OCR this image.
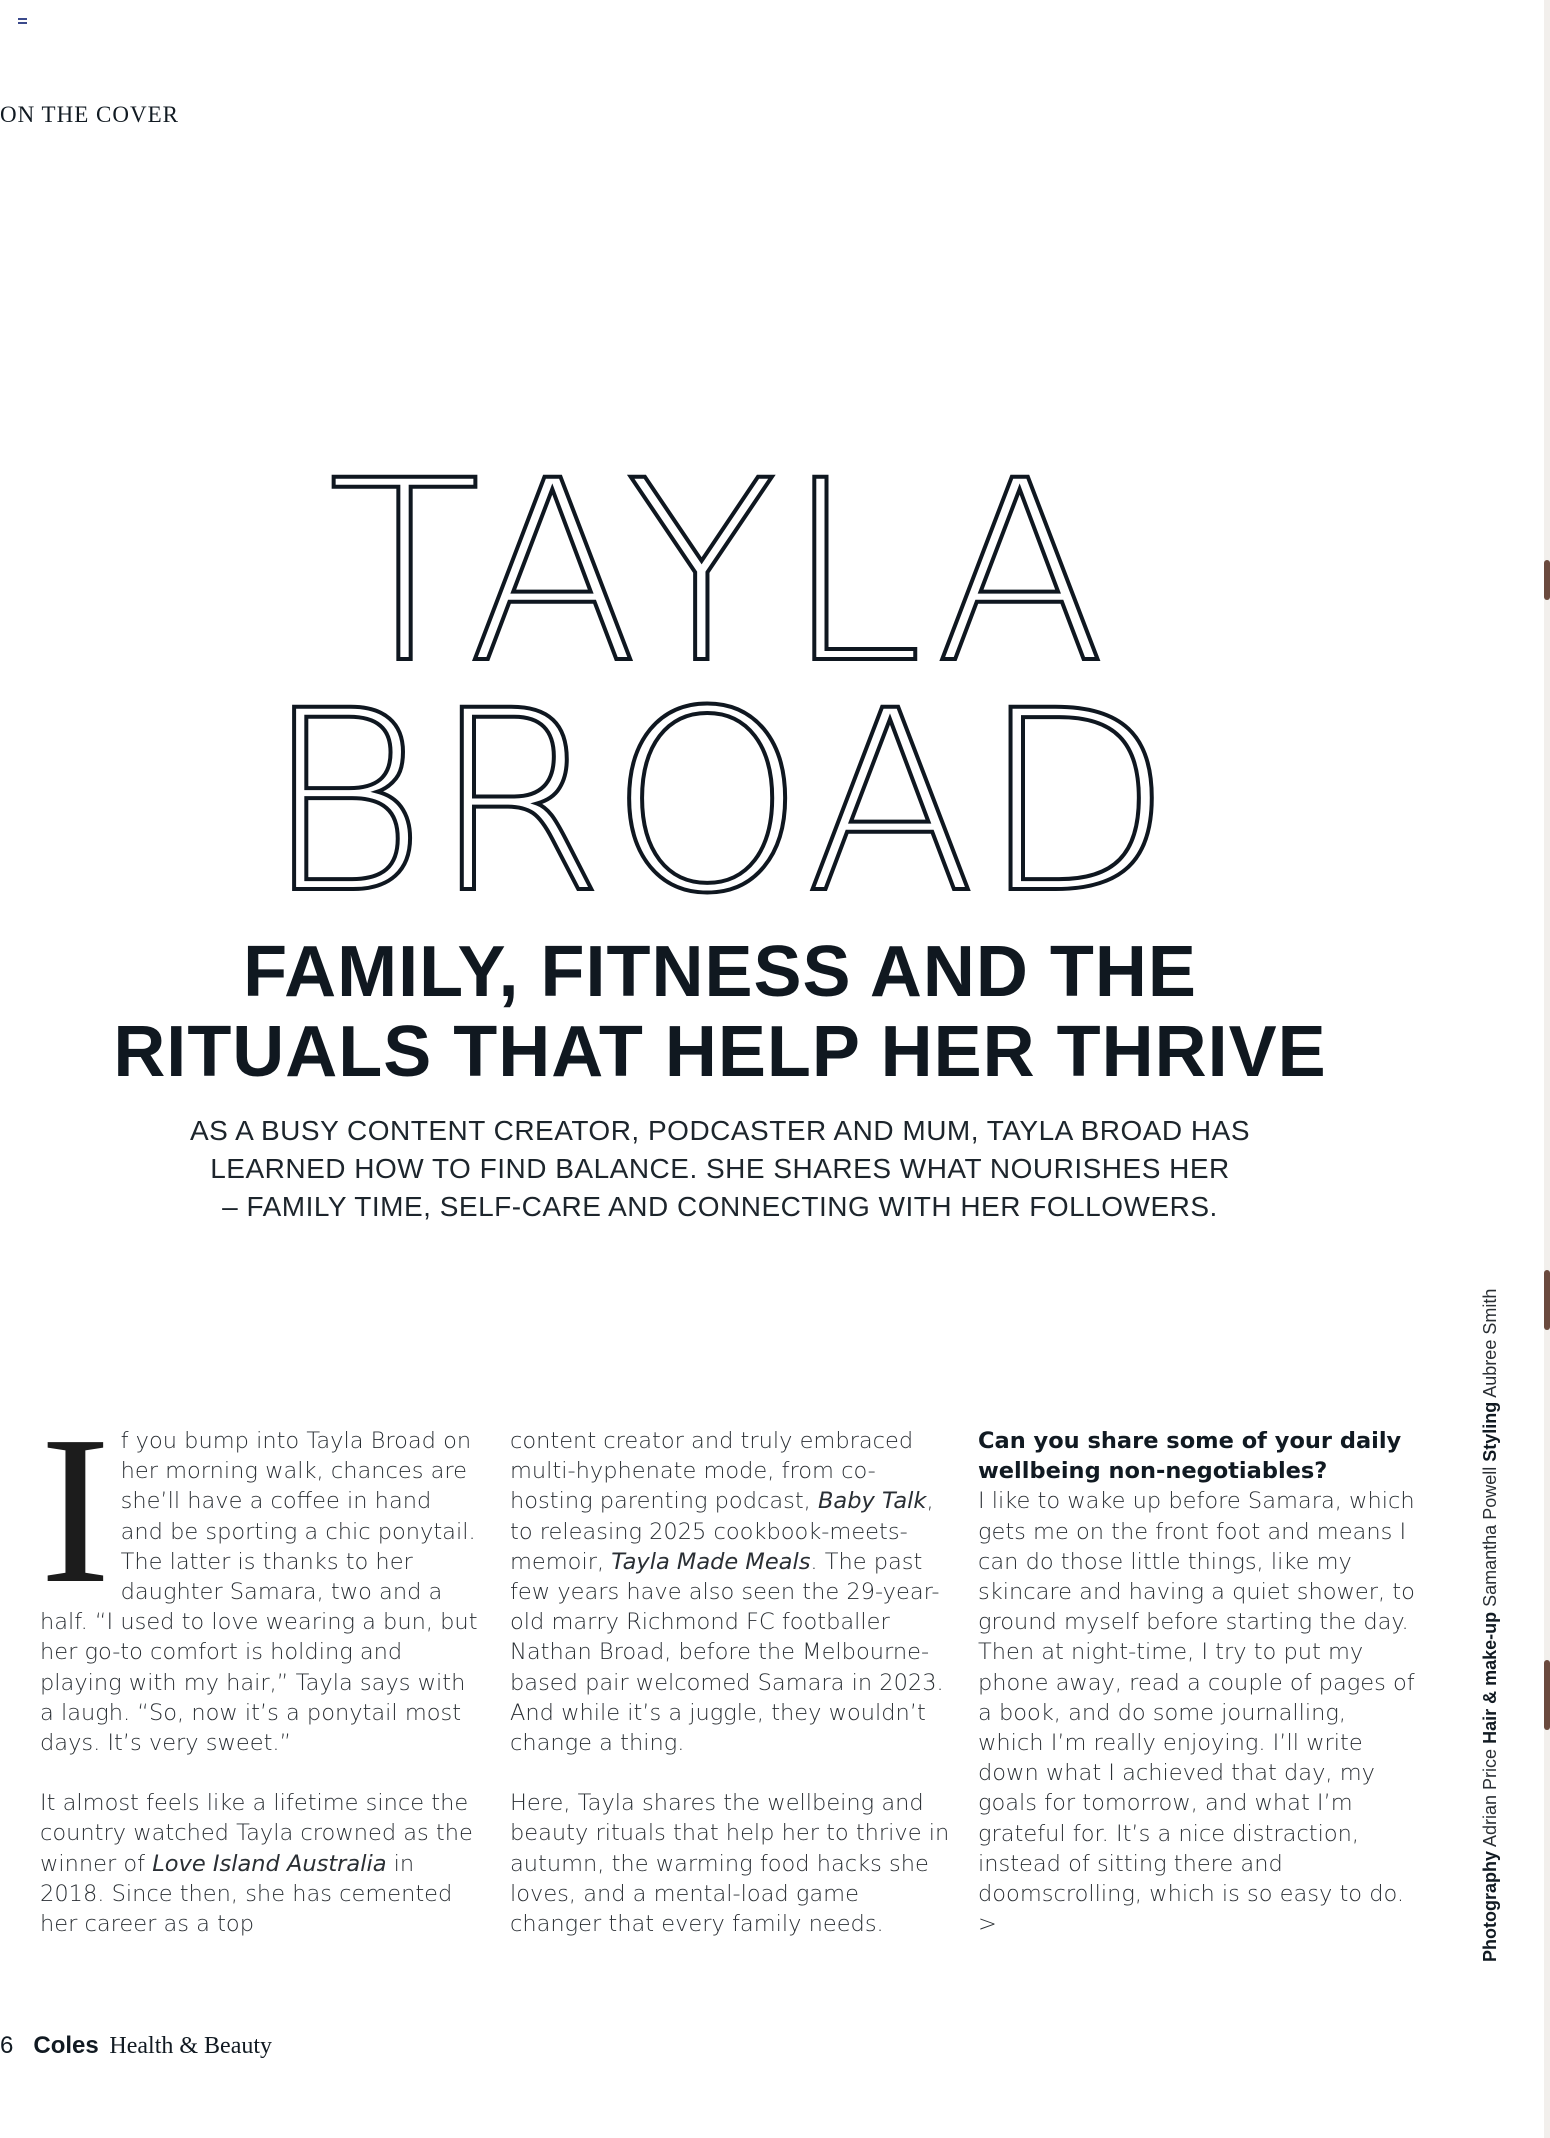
ON THE COVER
TAYLA
BROAD
FAMILY, FITNESS AND THE
RITUALS THAT HELP HER THRIVE
AS A BUSY CONTENT CREATOR, PODCASTER AND MUM, TAYLA BROAD HAS
LEARNED HOW TO FIND BALANCE. SHE SHARES WHAT NOURISHES HER
– FAMILY TIME, SELF-CARE AND CONNECTING WITH HER FOLLOWERS.
I f you bump into Tayla Broad on her morning walk, chances are she’ll have a coffee in hand and be sporting a chic ponytail. The latter is thanks to her daughter Samara, two and a half. “I used to love wearing a bun, but her go-to comfort is holding and playing with my hair,” Tayla says with a laugh. “So, now it’s a ponytail most days. It’s very sweet.”

It almost feels like a lifetime since the country watched Tayla crowned as the winner of Love Island Australia in 2018. Since then, she has cemented her career as a top

content creator and truly embraced multi-hyphenate mode, from co-hosting parenting podcast, Baby Talk, to releasing 2025 cookbook-meets-memoir, Tayla Made Meals. The past few years have also seen the 29-year-old marry Richmond FC footballer Nathan Broad, before the Melbourne-based pair welcomed Samara in 2023. And while it’s a juggle, they wouldn’t change a thing.

Here, Tayla shares the wellbeing and beauty rituals that help her to thrive in autumn, the warming food hacks she loves, and a mental-load game changer that every family needs.

Can you share some of your daily wellbeing non-negotiables?
I like to wake up before Samara, which gets me on the front foot and means I can do those little things, like my skincare and having a quiet shower, to ground myself before starting the day. Then at night-time, I try to put my phone away, read a couple of pages of a book, and do some journalling, which I’m really enjoying. I’ll write down what I achieved that day, my goals for tomorrow, and what I’m grateful for. It’s a nice distraction, instead of sitting there and doomscrolling, which is so easy to do. >	Photography Adrian Price Hair & make-up Samantha Powell Styling Aubree Smith
6 Coles Health & Beauty
